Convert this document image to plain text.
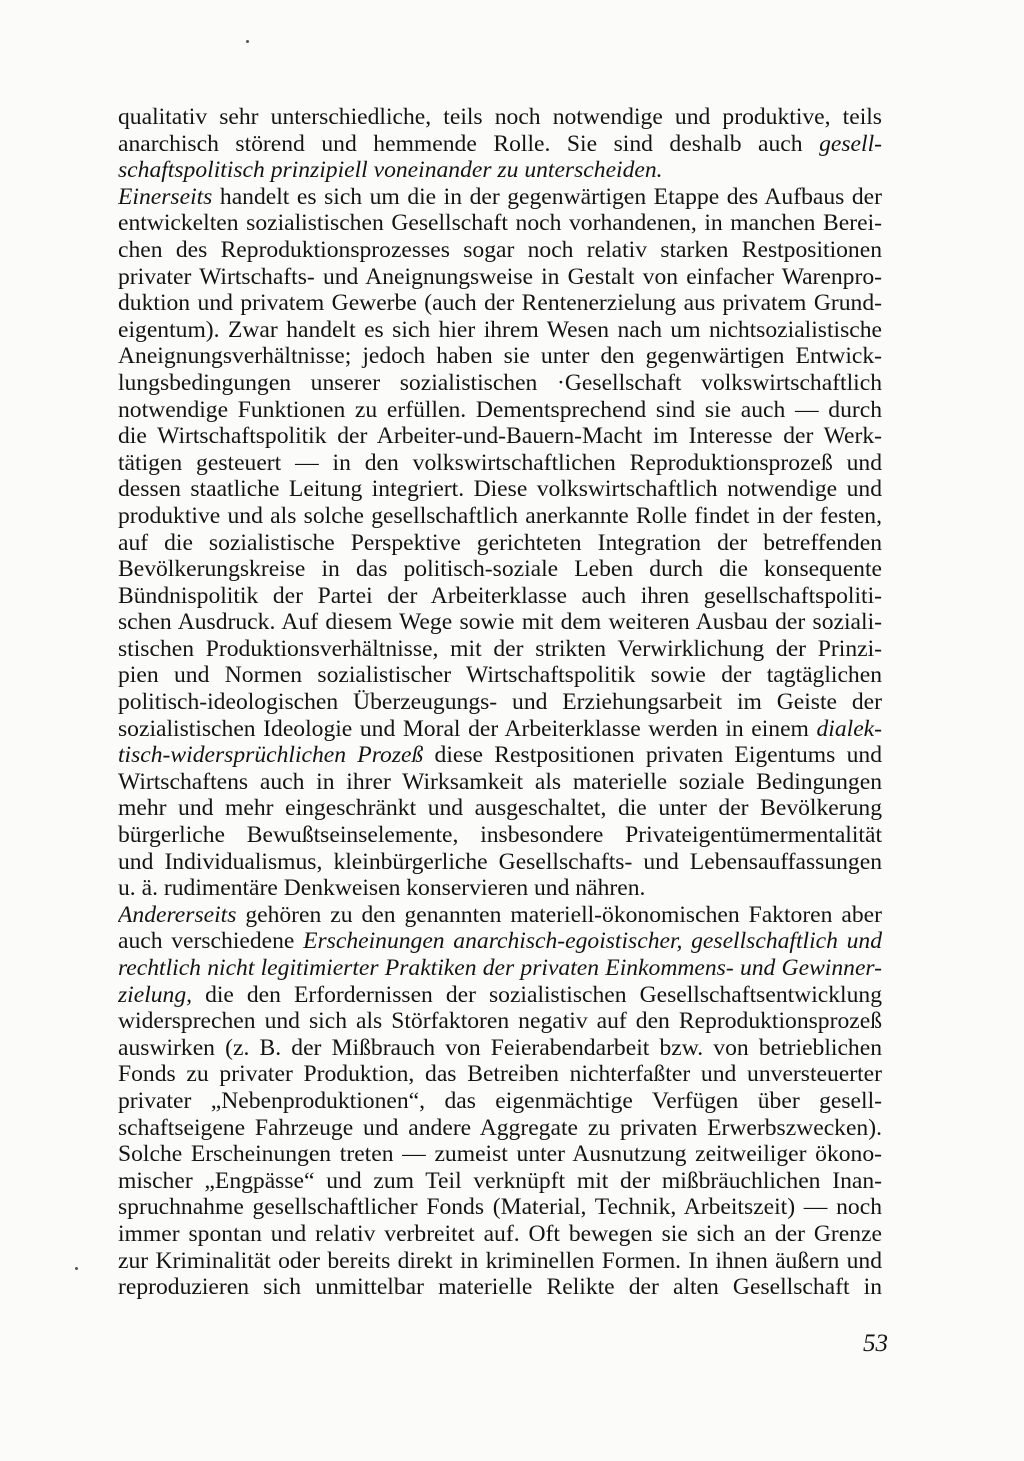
qualitativ sehr unterschiedliche, teils noch notwendige und produktive, teils
anarchisch störend und hemmende Rolle. Sie sind deshalb auch gesell-
schaftspolitisch prinzipiell voneinander zu unterscheiden.
Einerseits handelt es sich um die in der gegenwärtigen Etappe des Aufbaus der
entwickelten sozialistischen Gesellschaft noch vorhandenen, in manchen Berei-
chen des Reproduktionsprozesses sogar noch relativ starken Restpositionen
privater Wirtschafts- und Aneignungsweise in Gestalt von einfacher Warenpro-
duktion und privatem Gewerbe (auch der Rentenerzielung aus privatem Grund-
eigentum). Zwar handelt es sich hier ihrem Wesen nach um nichtsozialistische
Aneignungsverhältnisse; jedoch haben sie unter den gegenwärtigen Entwick-
lungsbedingungen unserer sozialistischen ·Gesellschaft volkswirtschaftlich
notwendige Funktionen zu erfüllen. Dementsprechend sind sie auch — durch
die Wirtschaftspolitik der Arbeiter-und-Bauern-Macht im Interesse der Werk-
tätigen gesteuert — in den volkswirtschaftlichen Reproduktionsprozeß und
dessen staatliche Leitung integriert. Diese volkswirtschaftlich notwendige und
produktive und als solche gesellschaftlich anerkannte Rolle findet in der festen,
auf die sozialistische Perspektive gerichteten Integration der betreffenden
Bevölkerungskreise in das politisch-soziale Leben durch die konsequente
Bündnispolitik der Partei der Arbeiterklasse auch ihren gesellschaftspoliti-
schen Ausdruck. Auf diesem Wege sowie mit dem weiteren Ausbau der soziali-
stischen Produktionsverhältnisse, mit der strikten Verwirklichung der Prinzi-
pien und Normen sozialistischer Wirtschaftspolitik sowie der tagtäglichen
politisch-ideologischen Überzeugungs- und Erziehungsarbeit im Geiste der
sozialistischen Ideologie und Moral der Arbeiterklasse werden in einem dialek-
tisch-widersprüchlichen Prozeß diese Restpositionen privaten Eigentums und
Wirtschaftens auch in ihrer Wirksamkeit als materielle soziale Bedingungen
mehr und mehr eingeschränkt und ausgeschaltet, die unter der Bevölkerung
bürgerliche Bewußtseinselemente, insbesondere Privateigentümermentalität
und Individualismus, kleinbürgerliche Gesellschafts- und Lebensauffassungen
u. ä. rudimentäre Denkweisen konservieren und nähren.
Andererseits gehören zu den genannten materiell-ökonomischen Faktoren aber
auch verschiedene Erscheinungen anarchisch-egoistischer, gesellschaftlich und
rechtlich nicht legitimierter Praktiken der privaten Einkommens- und Gewinner-
zielung, die den Erfordernissen der sozialistischen Gesellschaftsentwicklung
widersprechen und sich als Störfaktoren negativ auf den Reproduktionsprozeß
auswirken (z. B. der Mißbrauch von Feierabendarbeit bzw. von betrieblichen
Fonds zu privater Produktion, das Betreiben nichterfaßter und unversteuerter
privater „Nebenproduktionen“, das eigenmächtige Verfügen über gesell-
schaftseigene Fahrzeuge und andere Aggregate zu privaten Erwerbszwecken).
Solche Erscheinungen treten — zumeist unter Ausnutzung zeitweiliger ökono-
mischer „Engpässe“ und zum Teil verknüpft mit der mißbräuchlichen Inan-
spruchnahme gesellschaftlicher Fonds (Material, Technik, Arbeitszeit) — noch
immer spontan und relativ verbreitet auf. Oft bewegen sie sich an der Grenze
zur Kriminalität oder bereits direkt in kriminellen Formen. In ihnen äußern und
reproduzieren sich unmittelbar materielle Relikte der alten Gesellschaft in
53
